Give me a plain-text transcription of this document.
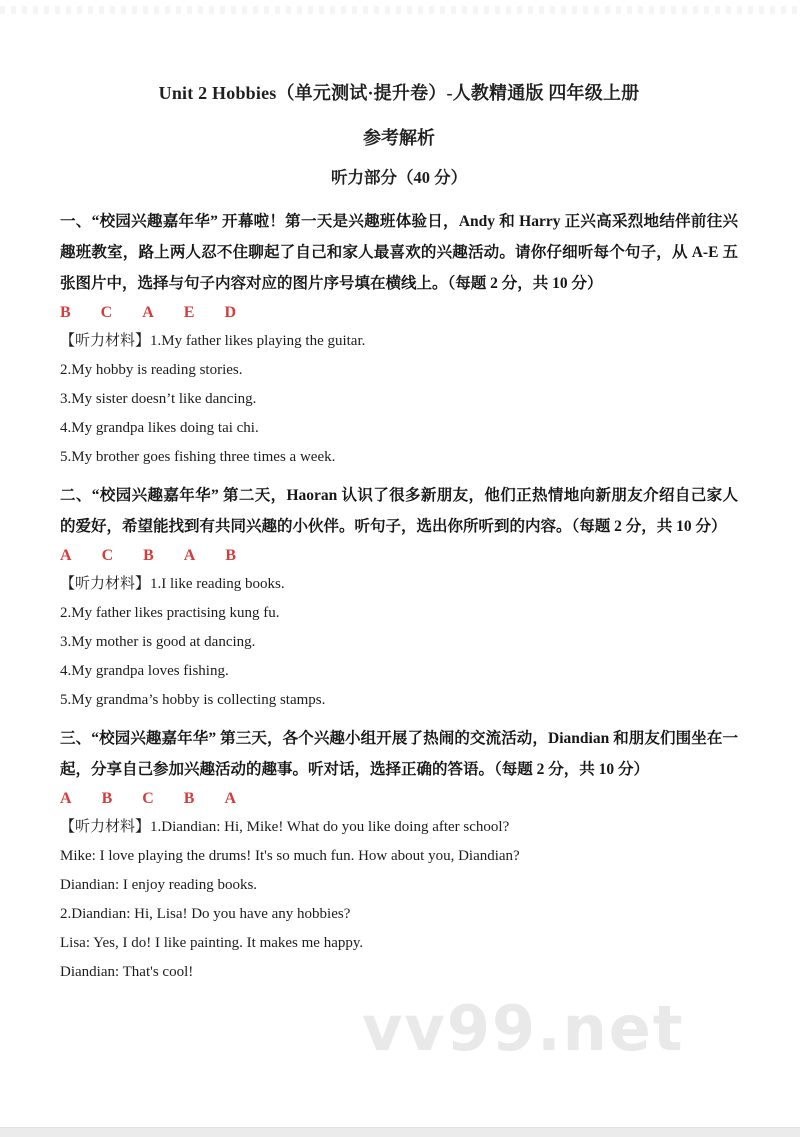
vv99.net
Unit 2 Hobbies（单元测试·提升卷）-人教精通版 四年级上册
参考解析
听力部分（40 分）

一、“校园兴趣嘉年华” 开幕啦！第一天是兴趣班体验日，Andy 和 Harry 正兴高采烈地结伴前往兴趣班教室，路上两人忍不住聊起了自己和家人最喜欢的兴趣活动。请你仔细听每个句子，从 A-E 五张图片中，选择与句子内容对应的图片序号填在横线上。（每题 2 分，共 10 分）

B C A E D

【听力材料】1.My father likes playing the guitar.

2.My hobby is reading stories.

3.My sister doesn’t like dancing.

4.My grandpa likes doing tai chi.

5.My brother goes fishing three times a week.

二、“校园兴趣嘉年华” 第二天，Haoran 认识了很多新朋友，他们正热情地向新朋友介绍自己家人的爱好，希望能找到有共同兴趣的小伙伴。听句子，选出你所听到的内容。（每题 2 分，共 10 分）

A C B A B

【听力材料】1.I like reading books.

2.My father likes practising kung fu.

3.My mother is good at dancing.

4.My grandpa loves fishing.

5.My grandma’s hobby is collecting stamps.

三、“校园兴趣嘉年华” 第三天，各个兴趣小组开展了热闹的交流活动，Diandian 和朋友们围坐在一起，分享自己参加兴趣活动的趣事。听对话，选择正确的答语。（每题 2 分，共 10 分）

A B C B A

【听力材料】1.Diandian: Hi, Mike! What do you like doing after school?

Mike: I love playing the drums! It's so much fun. How about you, Diandian?

Diandian: I enjoy reading books.

2.Diandian: Hi, Lisa! Do you have any hobbies?

Lisa: Yes, I do! I like painting. It makes me happy.

Diandian: That's cool!
